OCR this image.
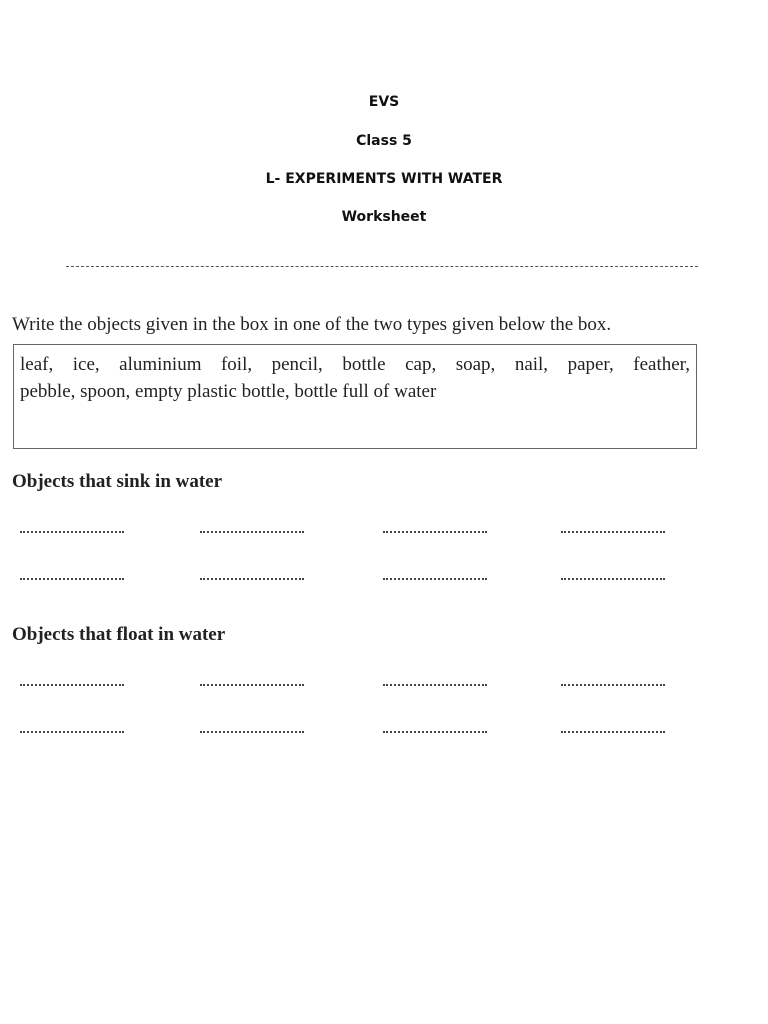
EVS
Class 5
L- EXPERIMENTS WITH WATER
Worksheet
Write the objects given in the box in one of the two types given below the box.
leaf, ice, aluminium foil, pencil, bottle cap, soap, nail, paper, feather,
pebble, spoon, empty plastic bottle, bottle full of water
Objects that sink in water
Objects that float in water
